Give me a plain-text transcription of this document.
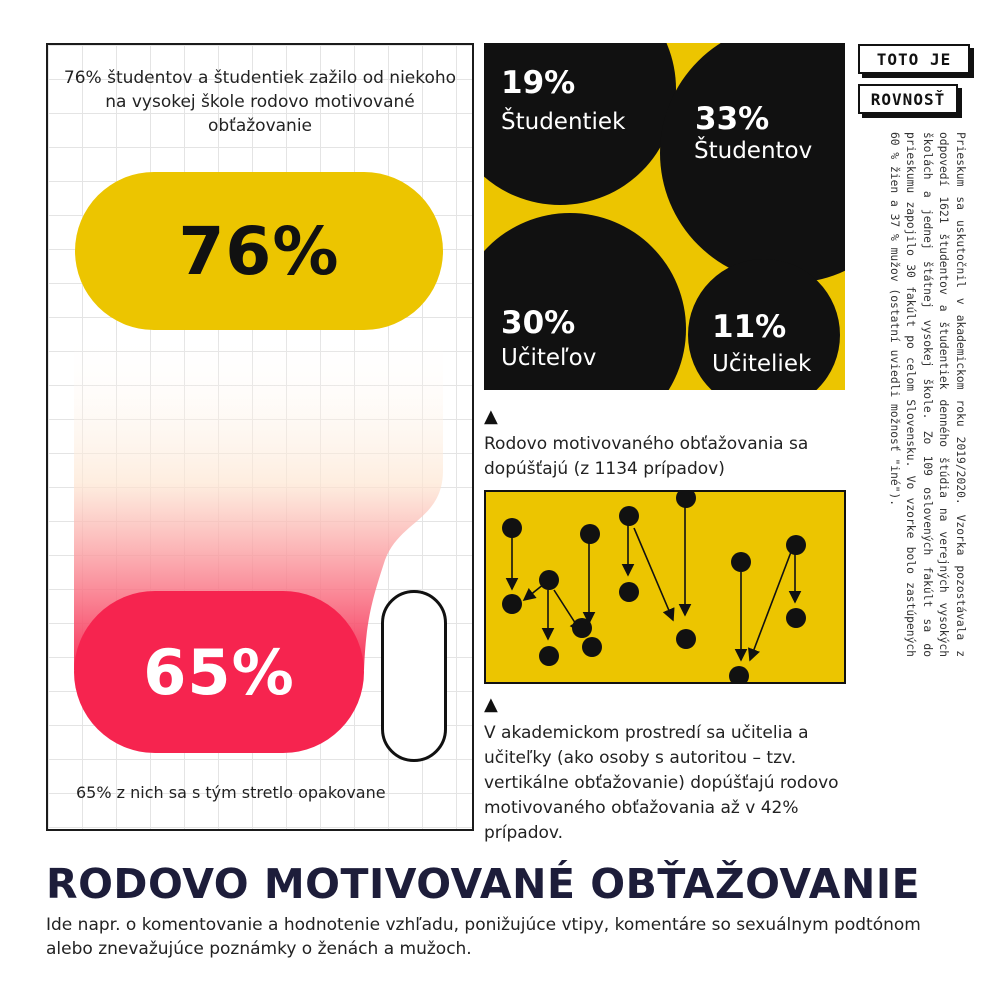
76% študentov a študentiek zažilo od niekoho na vysokej škole rodovo motivované obťažovanie
76%
65%
65% z nich sa s tým stretlo opakovane
19%
Študentiek 33%
Študentov
30%
Učiteľov
11%
Učiteliek
▲
Rodovo motivovaného obťažovania sa dopúšťajú (z 1134 prípadov)
▲
V akademickom prostredí sa učitelia a učiteľky (ako osoby s autoritou – tzv. vertikálne obťažovanie) dopúšťajú rodovo motivovaného obťažovania až v 42% prípadov.
TOTO JE
ROVNOSŤ
Prieskum sa uskutočnil v akademickom roku 2019/2020. Vzorka pozostávala z odpovedí 1621 študentov a študentiek denného štúdia na verejných vysokých školách a jednej štátnej vysokej škole. Zo 109 oslovených fakúlt sa do prieskumu zapojilo 30 fakúlt po celom Slovensku. Vo vzorke bolo zastúpených 60 % žien a 37 % mužov (ostatní uviedli možnosť "iné").
RODOVO MOTIVOVANÉ OBŤAŽOVANIE
Ide napr. o komentovanie a hodnotenie vzhľadu, ponižujúce vtipy, komentáre so sexuálnym podtónom alebo znevažujúce poznámky o ženách a mužoch.
